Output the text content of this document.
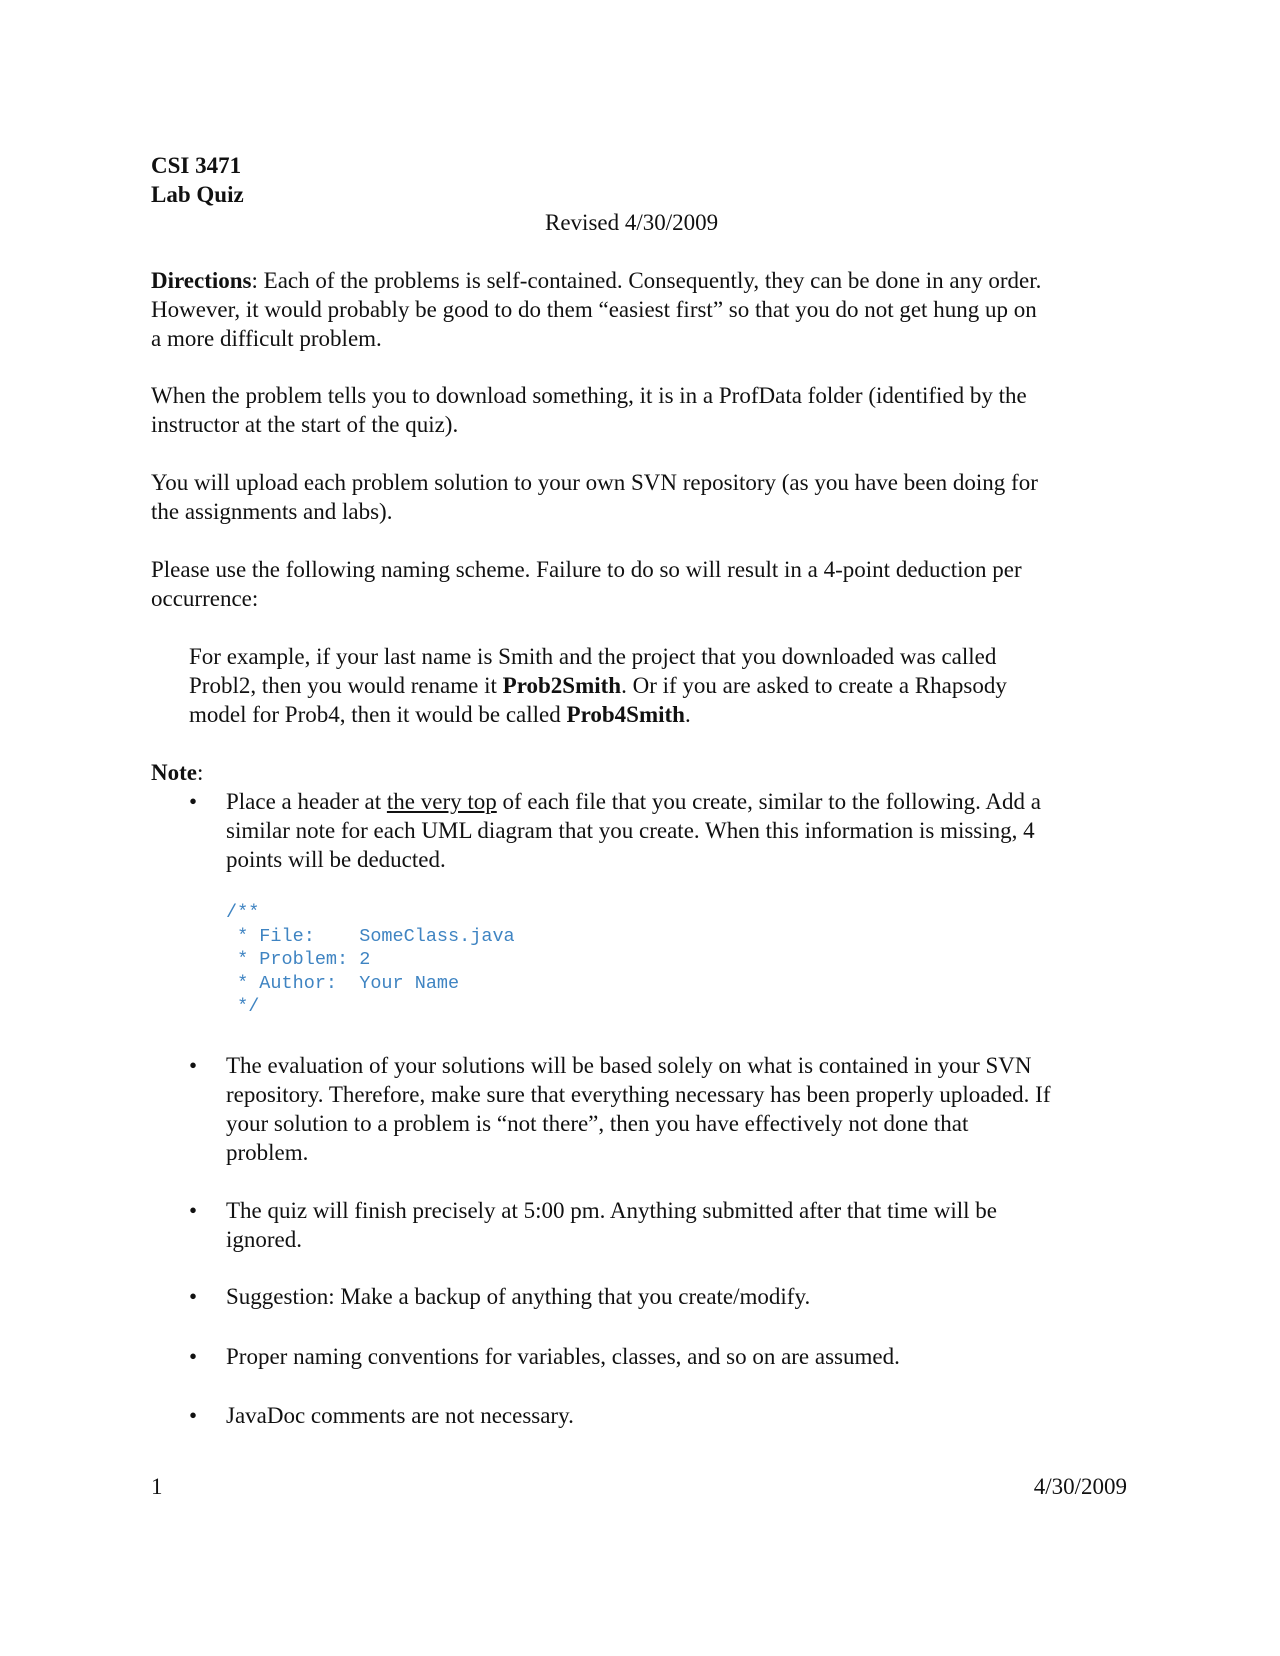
CSI 3471
Lab Quiz
Revised 4/30/2009
Directions: Each of the problems is self-contained. Consequently, they can be done in any order.
However, it would probably be good to do them “easiest first” so that you do not get hung up on
a more difficult problem.
When the problem tells you to download something, it is in a ProfData folder (identified by the
instructor at the start of the quiz).
You will upload each problem solution to your own SVN repository (as you have been doing for
the assignments and labs).
Please use the following naming scheme. Failure to do so will result in a 4-point deduction per
occurrence:
For example, if your last name is Smith and the project that you downloaded was called
Probl2, then you would rename it Prob2Smith. Or if you are asked to create a Rhapsody
model for Prob4, then it would be called Prob4Smith.
Note:
• Place a header at the very top of each file that you create, similar to the following. Add a
similar note for each UML diagram that you create. When this information is missing, 4
points will be deducted.
/**
* File:    SomeClass.java
* Problem: 2
* Author:  Your Name
*/
• The evaluation of your solutions will be based solely on what is contained in your SVN
repository. Therefore, make sure that everything necessary has been properly uploaded. If
your solution to a problem is “not there”, then you have effectively not done that
problem.
• The quiz will finish precisely at 5:00 pm. Anything submitted after that time will be
ignored.
• Suggestion: Make a backup of anything that you create/modify.
• Proper naming conventions for variables, classes, and so on are assumed.
• JavaDoc comments are not necessary.
1	4/30/2009
